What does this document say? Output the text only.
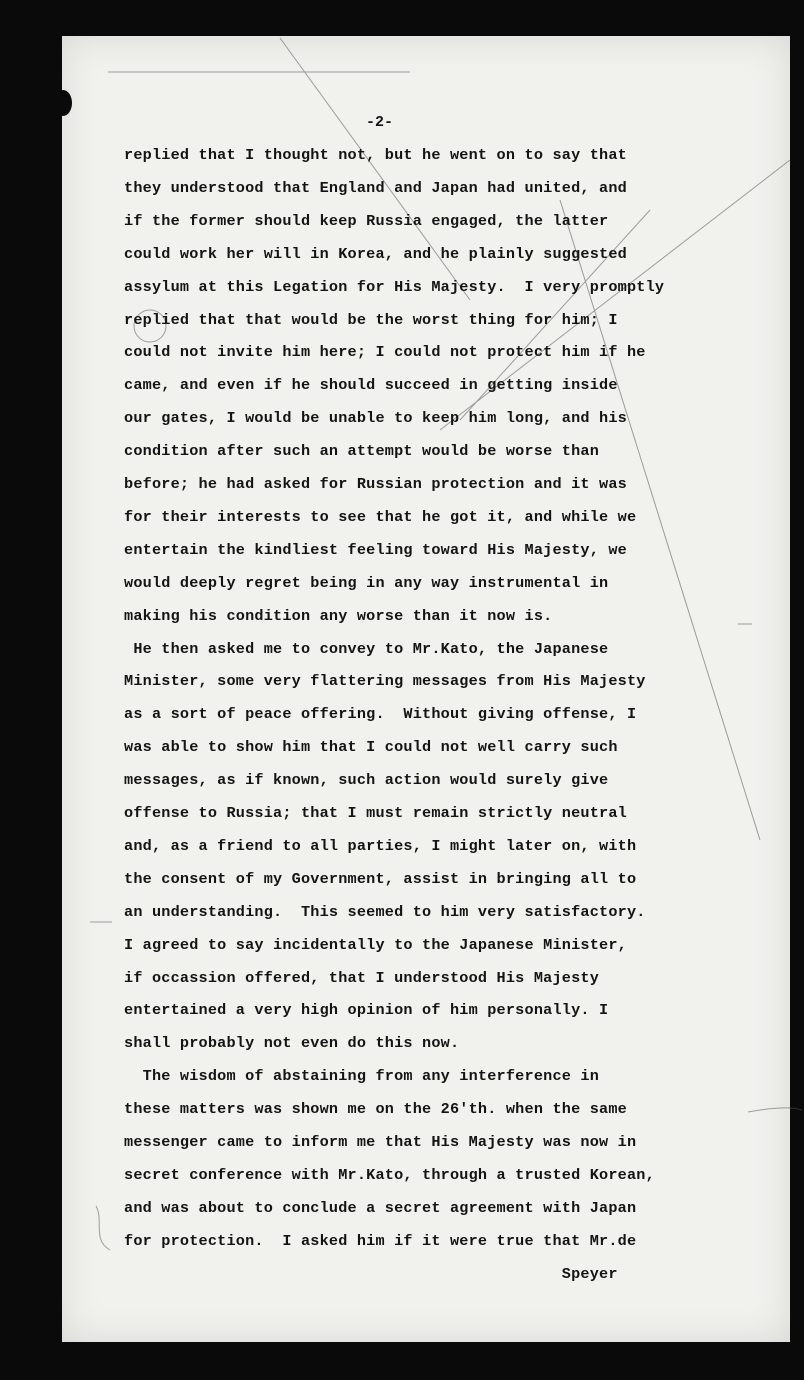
-2-
replied that I thought not, but he went on to say that
they understood that England and Japan had united, and
if the former should keep Russia engaged, the latter
could work her will in Korea, and he plainly suggested
assylum at this Legation for His Majesty.  I very promptly
replied that that would be the worst thing for him; I
could not invite him here; I could not protect him if he
came, and even if he should succeed in getting inside
our gates, I would be unable to keep him long, and his
condition after such an attempt would be worse than
before; he had asked for Russian protection and it was
for their interests to see that he got it, and while we
entertain the kindliest feeling toward His Majesty, we
would deeply regret being in any way instrumental in
making his condition any worse than it now is.
He then asked me to convey to Mr.Kato, the Japanese
Minister, some very flattering messages from His Majesty
as a sort of peace offering.  Without giving offense, I
was able to show him that I could not well carry such
messages, as if known, such action would surely give
offense to Russia; that I must remain strictly neutral
and, as a friend to all parties, I might later on, with
the consent of my Government, assist in bringing all to
an understanding.  This seemed to him very satisfactory.
I agreed to say incidentally to the Japanese Minister,
if occassion offered, that I understood His Majesty
entertained a very high opinion of him personally. I
shall probably not even do this now.
The wisdom of abstaining from any interference in
these matters was shown me on the 26'th. when the same
messenger came to inform me that His Majesty was now in
secret conference with Mr.Kato, through a trusted Korean,
and was about to conclude a secret agreement with Japan
for protection.  I asked him if it were true that Mr.de
Speyer
